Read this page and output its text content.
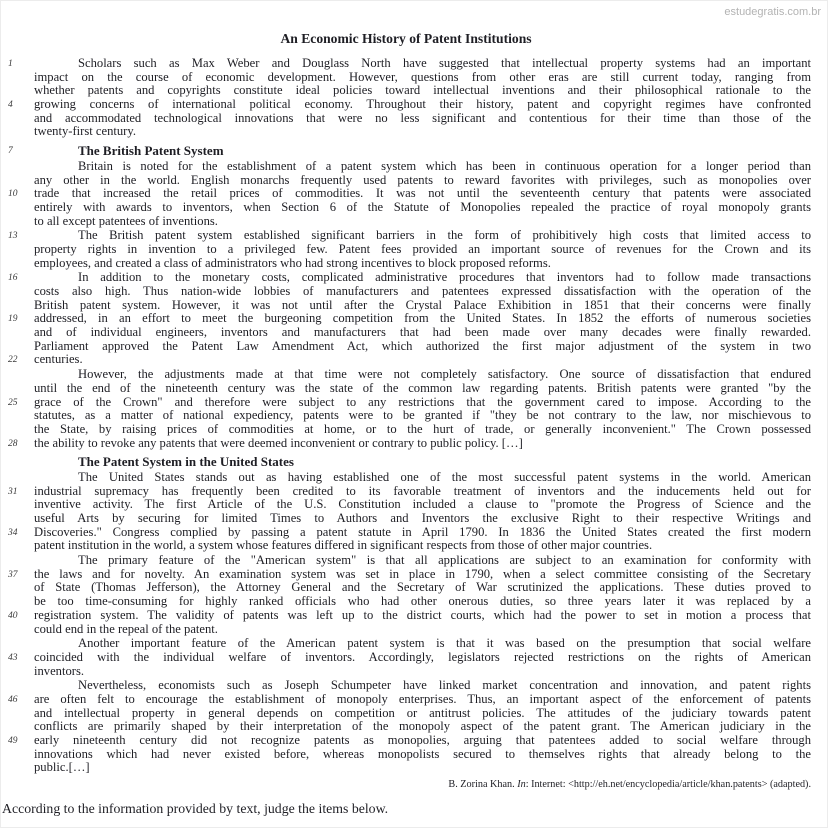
estudegratis.com.br
An Economic History of Patent Institutions
1	Scholars such as Max Weber and Douglass North have suggested that intellectual property systems had an important
impact on the course of economic development. However, questions from other eras are still current today, ranging from
whether patents and copyrights constitute ideal policies toward intellectual inventions and their philosophical rationale to the
4	growing concerns of international political economy. Throughout their history, patent and copyright regimes have confronted
and accommodated technological innovations that were no less significant and contentious for their time than those of the
twenty-first century.
7	The British Patent System
Britain is noted for the establishment of a patent system which has been in continuous operation for a longer period than
any other in the world. English monarchs frequently used patents to reward favorites with privileges, such as monopolies over
10	trade that increased the retail prices of commodities. It was not until the seventeenth century that patents were associated
entirely with awards to inventors, when Section 6 of the Statute of Monopolies repealed the practice of royal monopoly grants
to all except patentees of inventions.
13	The British patent system established significant barriers in the form of prohibitively high costs that limited access to
property rights in invention to a privileged few. Patent fees provided an important source of revenues for the Crown and its
employees, and created a class of administrators who had strong incentives to block proposed reforms.
16	In addition to the monetary costs, complicated administrative procedures that inventors had to follow made transactions
costs also high. Thus nation-wide lobbies of manufacturers and patentees expressed dissatisfaction with the operation of the
British patent system. However, it was not until after the Crystal Palace Exhibition in 1851 that their concerns were finally
19	addressed, in an effort to meet the burgeoning competition from the United States. In 1852 the efforts of numerous societies
and of individual engineers, inventors and manufacturers that had been made over many decades were finally rewarded.
Parliament approved the Patent Law Amendment Act, which authorized the first major adjustment of the system in two
22	centuries.
However, the adjustments made at that time were not completely satisfactory. One source of dissatisfaction that endured
until the end of the nineteenth century was the state of the common law regarding patents. British patents were granted "by the
25	grace of the Crown" and therefore were subject to any restrictions that the government cared to impose. According to the
statutes, as a matter of national expediency, patents were to be granted if "they be not contrary to the law, nor mischievous to
the State, by raising prices of commodities at home, or to the hurt of trade, or generally inconvenient." The Crown possessed
28	the ability to revoke any patents that were deemed inconvenient or contrary to public policy. […]
The Patent System in the United States
The United States stands out as having established one of the most successful patent systems in the world. American
31	industrial supremacy has frequently been credited to its favorable treatment of inventors and the inducements held out for
inventive activity. The first Article of the U.S. Constitution included a clause to "promote the Progress of Science and the
useful Arts by securing for limited Times to Authors and Inventors the exclusive Right to their respective Writings and
34	Discoveries." Congress complied by passing a patent statute in April 1790. In 1836 the United States created the first modern
patent institution in the world, a system whose features differed in significant respects from those of other major countries.
The primary feature of the "American system" is that all applications are subject to an examination for conformity with
37	the laws and for novelty. An examination system was set in place in 1790, when a select committee consisting of the Secretary
of State (Thomas Jefferson), the Attorney General and the Secretary of War scrutinized the applications. These duties proved to
be too time-consuming for highly ranked officials who had other onerous duties, so three years later it was replaced by a
40	registration system. The validity of patents was left up to the district courts, which had the power to set in motion a process that
could end in the repeal of the patent.
Another important feature of the American patent system is that it was based on the presumption that social welfare
43	coincided with the individual welfare of inventors. Accordingly, legislators rejected restrictions on the rights of American
inventors.
Nevertheless, economists such as Joseph Schumpeter have linked market concentration and innovation, and patent rights
46	are often felt to encourage the establishment of monopoly enterprises. Thus, an important aspect of the enforcement of patents
and intellectual property in general depends on competition or antitrust policies. The attitudes of the judiciary towards patent
conflicts are primarily shaped by their interpretation of the monopoly aspect of the patent grant. The American judiciary in the
49	early nineteenth century did not recognize patents as monopolies, arguing that patentees added to social welfare through
innovations which had never existed before, whereas monopolists secured to themselves rights that already belong to the
public.[…]
B. Zorina Khan. In: Internet: <http://eh.net/encyclopedia/article/khan.patents> (adapted).
According to the information provided by text, judge the items below.
